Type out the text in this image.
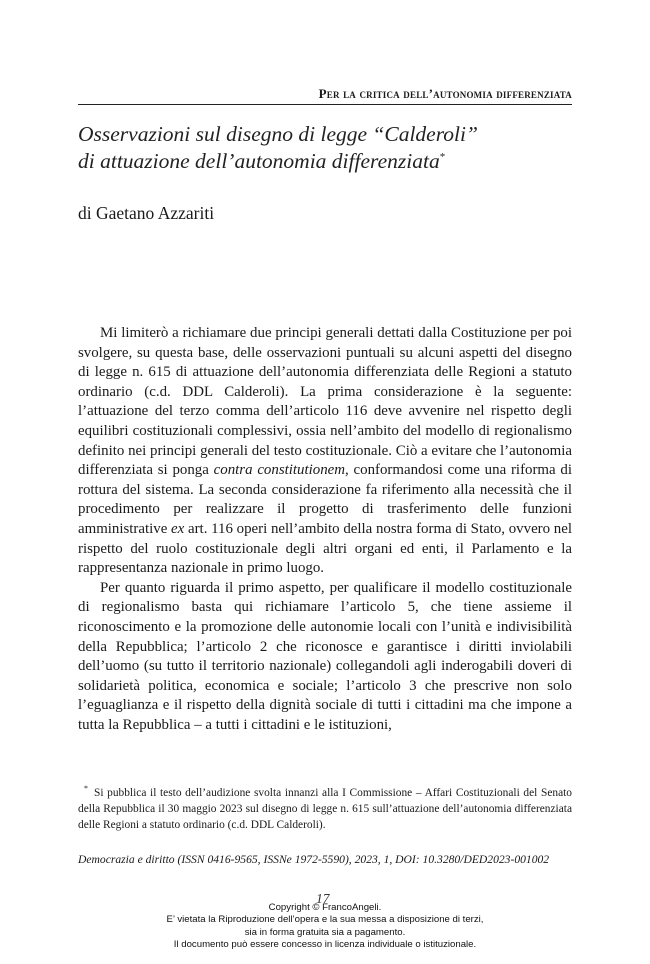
Per la critica dell’autonomia differenziata
Osservazioni sul disegno di legge “Calderoli”
di attuazione dell’autonomia differenziata*
di Gaetano Azzariti

Mi limiterò a richiamare due principi generali dettati dalla Costituzione per poi svolgere, su questa base, delle osservazioni puntuali su alcuni aspetti del disegno di legge n. 615 di attuazione dell’autonomia differenziata delle Regioni a statuto ordinario (c.d. DDL Calderoli). La prima considerazione è la seguente: l’attuazione del terzo comma dell’articolo 116 deve avvenire nel rispetto degli equilibri costituzionali complessivi, ossia nell’ambito del modello di regionalismo definito nei principi generali del testo costituzionale. Ciò a evitare che l’autonomia differenziata si ponga contra constitutionem, conformandosi come una riforma di rottura del sistema. La seconda considerazione fa riferimento alla necessità che il procedimento per realizzare il progetto di trasferimento delle funzioni amministrative ex art. 116 operi nell’ambito della nostra forma di Stato, ovvero nel rispetto del ruolo costituzionale degli altri organi ed enti, il Parlamento e la rappresentanza nazionale in primo luogo.

Per quanto riguarda il primo aspetto, per qualificare il modello costituzionale di regionalismo basta qui richiamare l’articolo 5, che tiene assieme il riconoscimento e la promozione delle autonomie locali con l’unità e indivisibilità della Repubblica; l’articolo 2 che riconosce e garantisce i diritti inviolabili dell’uomo (su tutto il territorio nazionale) collegandoli agli inderogabili doveri di solidarietà politica, economica e sociale; l’articolo 3 che prescrive non solo l’eguaglianza e il rispetto della dignità sociale di tutti i cittadini ma che impone a tutta la Repubblica – a tutti i cittadini e le istituzioni,

* Si pubblica il testo dell’audizione svolta innanzi alla I Commissione – Affari Costituzionali del Senato della Repubblica il 30 maggio 2023 sul disegno di legge n. 615 sull’attuazione dell’autonomia differenziata delle Regioni a statuto ordinario (c.d. DDL Calderoli).
Democrazia e diritto (ISSN 0416-9565, ISSNe 1972-5590), 2023, 1, DOI: 10.3280/DED2023-001002
17
Copyright © FrancoAngeli.
E’ vietata la Riproduzione dell’opera e la sua messa a disposizione di terzi,
sia in forma gratuita sia a pagamento.
Il documento può essere concesso in licenza individuale o istituzionale.
